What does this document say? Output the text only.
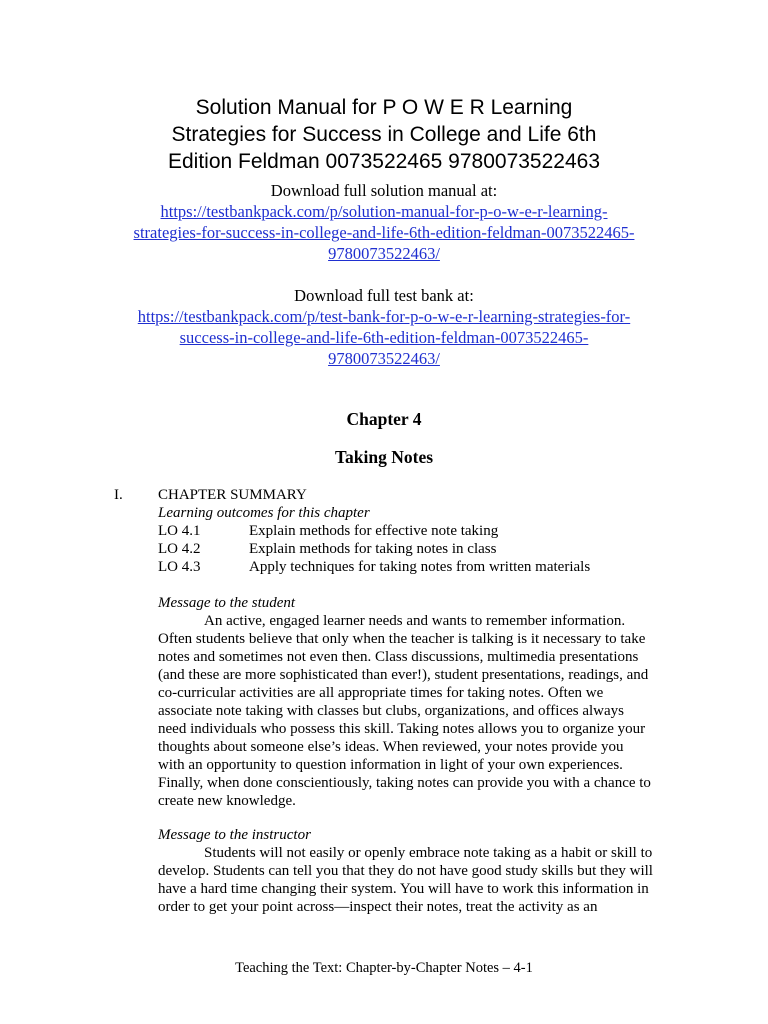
Solution Manual for P O W E R Learning
Strategies for Success in College and Life 6th
Edition Feldman 0073522465 9780073522463
Download full solution manual at:
https://testbankpack.com/p/solution-manual-for-p-o-w-e-r-learning-
strategies-for-success-in-college-and-life-6th-edition-feldman-0073522465-
9780073522463/
Download full test bank at:
https://testbankpack.com/p/test-bank-for-p-o-w-e-r-learning-strategies-for-
success-in-college-and-life-6th-edition-feldman-0073522465-
9780073522463/
Chapter 4
Taking Notes
I. CHAPTER SUMMARY
Learning outcomes for this chapter
LO 4.1	Explain methods for effective note taking
LO 4.2	Explain methods for taking notes in class
LO 4.3	Apply techniques for taking notes from written materials
Message to the student

An active, engaged learner needs and wants to remember information.

Often students believe that only when the teacher is talking is it necessary to take

notes and sometimes not even then. Class discussions, multimedia presentations

(and these are more sophisticated than ever!), student presentations, readings, and

co-curricular activities are all appropriate times for taking notes. Often we

associate note taking with classes but clubs, organizations, and offices always

need individuals who possess this skill. Taking notes allows you to organize your

thoughts about someone else’s ideas. When reviewed, your notes provide you

with an opportunity to question information in light of your own experiences.

Finally, when done conscientiously, taking notes can provide you with a chance to

create new knowledge.

Message to the instructor

Students will not easily or openly embrace note taking as a habit or skill to

develop. Students can tell you that they do not have good study skills but they will

have a hard time changing their system. You will have to work this information in

order to get your point across—inspect their notes, treat the activity as an

Teaching the Text: Chapter-by-Chapter Notes – 4-1
